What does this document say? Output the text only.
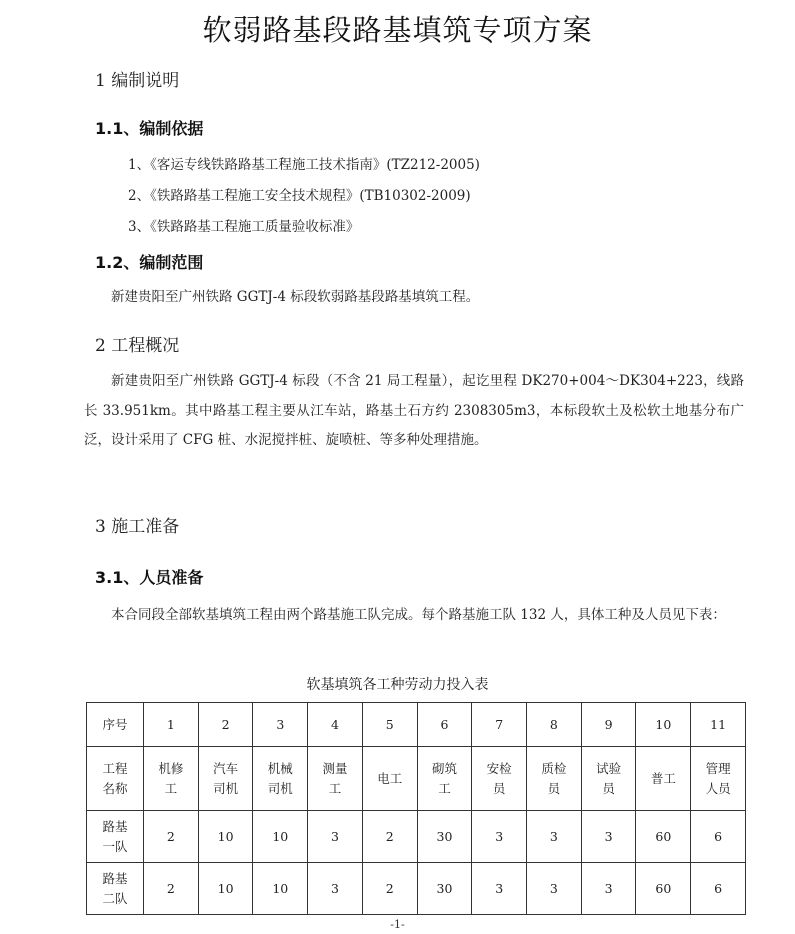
软弱路基段路基填筑专项方案
1 编制说明
1.1、编制依据
1、《客运专线铁路路基工程施工技术指南》(TZ212-2005)
2、《铁路路基工程施工安全技术规程》(TB10302-2009)
3、《铁路路基工程施工质量验收标准》
1.2、编制范围

新建贵阳至广州铁路 GGTJ-4 标段软弱路基段路基填筑工程。

2 工程概况

新建贵阳至广州铁路 GGTJ-4 标段（不含 21 局工程量），起讫里程 DK270+004～DK304+223，线路长 33.951km。其中路基工程主要从江车站，路基土石方约 2308305m3，本标段软土及松软土地基分布广泛，设计采用了 CFG 桩、水泥搅拌桩、旋喷桩、等多种处理措施。

3 施工准备
3.1、人员准备

本合同段全部软基填筑工程由两个路基施工队完成。每个路基施工队 132 人，具体工种及人员见下表：

软基填筑各工种劳动力投入表
序号	1	2	3	4	5	6	7	8	9	10	11
工程名称	机修工	汽车司机	机械司机	测量工	电工	砌筑工	安检员	质检员	试验员	普工	管理人员
路基一队	2	10	10	3	2	30	3	3	3	60	6
路基二队	2	10	10	3	2	30	3	3	3	60	6
-1-
